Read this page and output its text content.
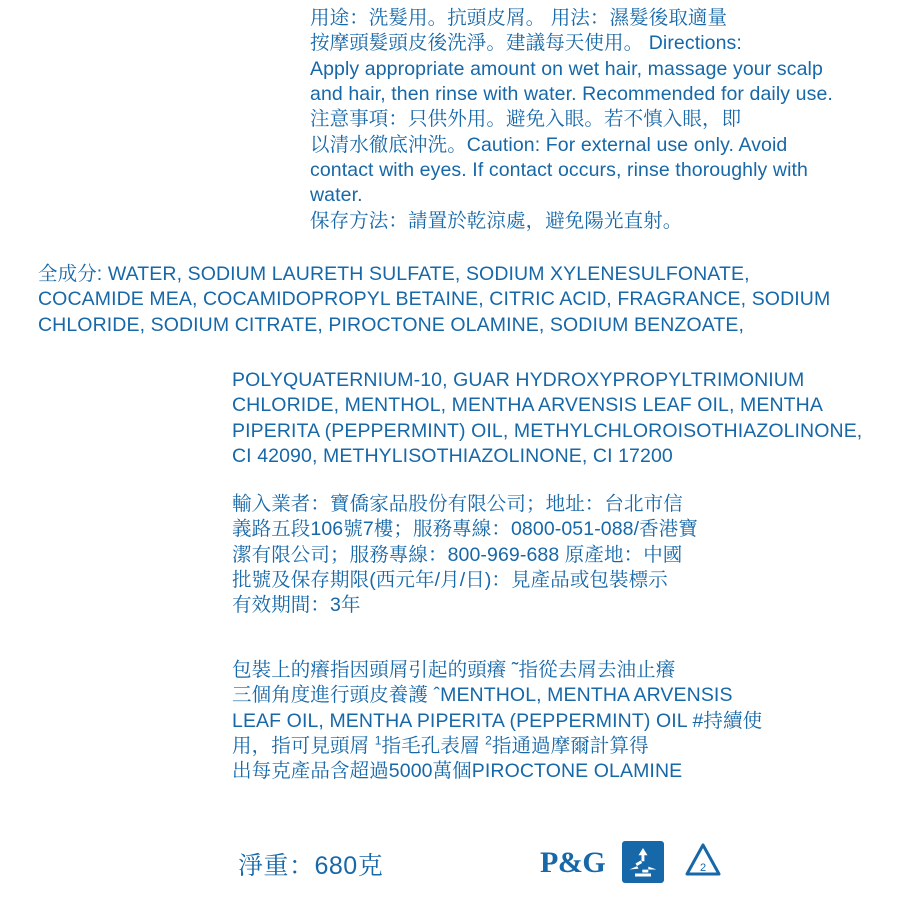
用途：洗髮用。抗頭皮屑。 用法：濕髮後取適量
按摩頭髮頭皮後洗淨。建議每天使用。 Directions:
Apply appropriate amount on wet hair, massage your scalp
and hair, then rinse with water. Recommended for daily use.
注意事項：只供外用。避免入眼。若不慎入眼，即
以清水徹底沖洗。Caution: For external use only. Avoid
contact with eyes. If contact occurs, rinse thoroughly with water.
保存方法：請置於乾涼處，避免陽光直射。
全成分: WATER, SODIUM LAURETH SULFATE, SODIUM XYLENESULFONATE,
COCAMIDE MEA, COCAMIDOPROPYL BETAINE, CITRIC ACID, FRAGRANCE, SODIUM
CHLORIDE, SODIUM CITRATE, PIROCTONE OLAMINE, SODIUM BENZOATE,
POLYQUATERNIUM-10, GUAR HYDROXYPROPYLTRIMONIUM
CHLORIDE, MENTHOL, MENTHA ARVENSIS LEAF OIL, MENTHA
PIPERITA (PEPPERMINT) OIL, METHYLCHLOROISOTHIAZOLINONE,
CI 42090, METHYLISOTHIAZOLINONE, CI 17200
輸入業者：寶僑家品股份有限公司；地址：台北市信
義路五段106號7樓；服務專線：0800-051-088/香港寶
潔有限公司；服務專線：800-969-688 原產地：中國
批號及保存期限(西元年/月/日)：見產品或包裝標示
有效期間：3年
包裝上的癢指因頭屑引起的頭癢 ˜指從去屑去油止癢
三個角度進行頭皮養護 ˆMENTHOL, MENTHA ARVENSIS
LEAF OIL, MENTHA PIPERITA (PEPPERMINT) OIL #持續使
用，指可見頭屑 $^1$指毛孔表層 $^2$指通過摩爾計算得
出每克產品含超過5000萬個PIROCTONE OLAMINE
淨重：680克	P&G	2
